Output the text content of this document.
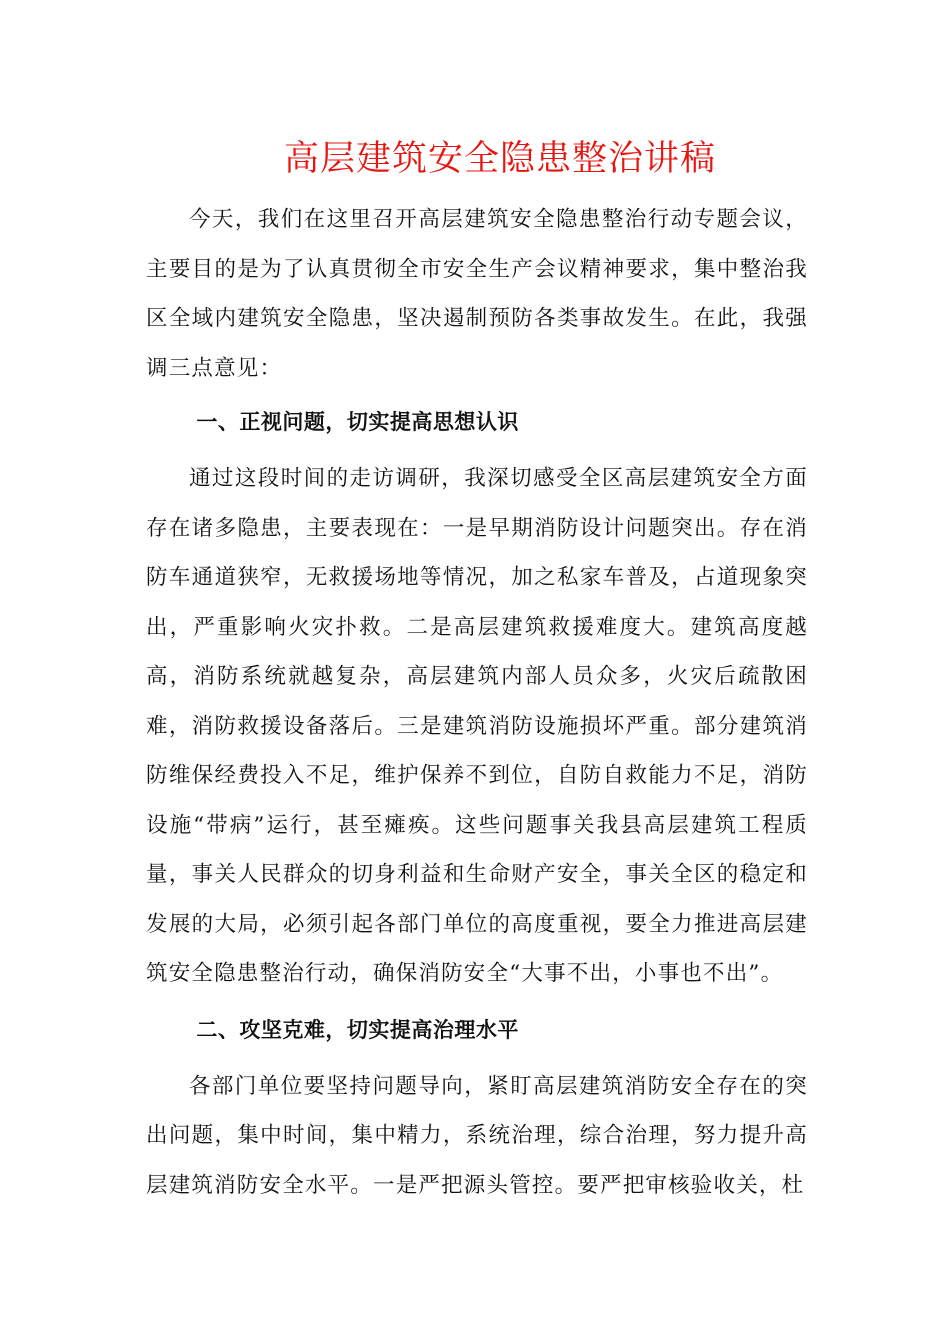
高层建筑安全隐患整治讲稿

今天，我们在这里召开高层建筑安全隐患整治行动专题会议，主要目的是为了认真贯彻全市安全生产会议精神要求，集中整治我区全域内建筑安全隐患，坚决遏制预防各类事故发生。在此，我强调三点意见：

一、正视问题，切实提高思想认识

通过这段时间的走访调研，我深切感受全区高层建筑安全方面存在诸多隐患，主要表现在：一是早期消防设计问题突出。存在消防车通道狭窄，无救援场地等情况，加之私家车普及，占道现象突出，严重影响火灾扑救。二是高层建筑救援难度大。建筑高度越高，消防系统就越复杂，高层建筑内部人员众多，火灾后疏散困难，消防救援设备落后。三是建筑消防设施损坏严重。部分建筑消防维保经费投入不足，维护保养不到位，自防自救能力不足，消防设施“带病”运行，甚至瘫痪。这些问题事关我县高层建筑工程质量，事关人民群众的切身利益和生命财产安全，事关全区的稳定和发展的大局，必须引起各部门单位的高度重视，要全力推进高层建筑安全隐患整治行动，确保消防安全“大事不出，小事也不出”。

二、攻坚克难，切实提高治理水平

各部门单位要坚持问题导向，紧盯高层建筑消防安全存在的突出问题，集中时间，集中精力，系统治理，综合治理，努力提升高层建筑消防安全水平。一是严把源头管控。要严把审核验收关，杜
